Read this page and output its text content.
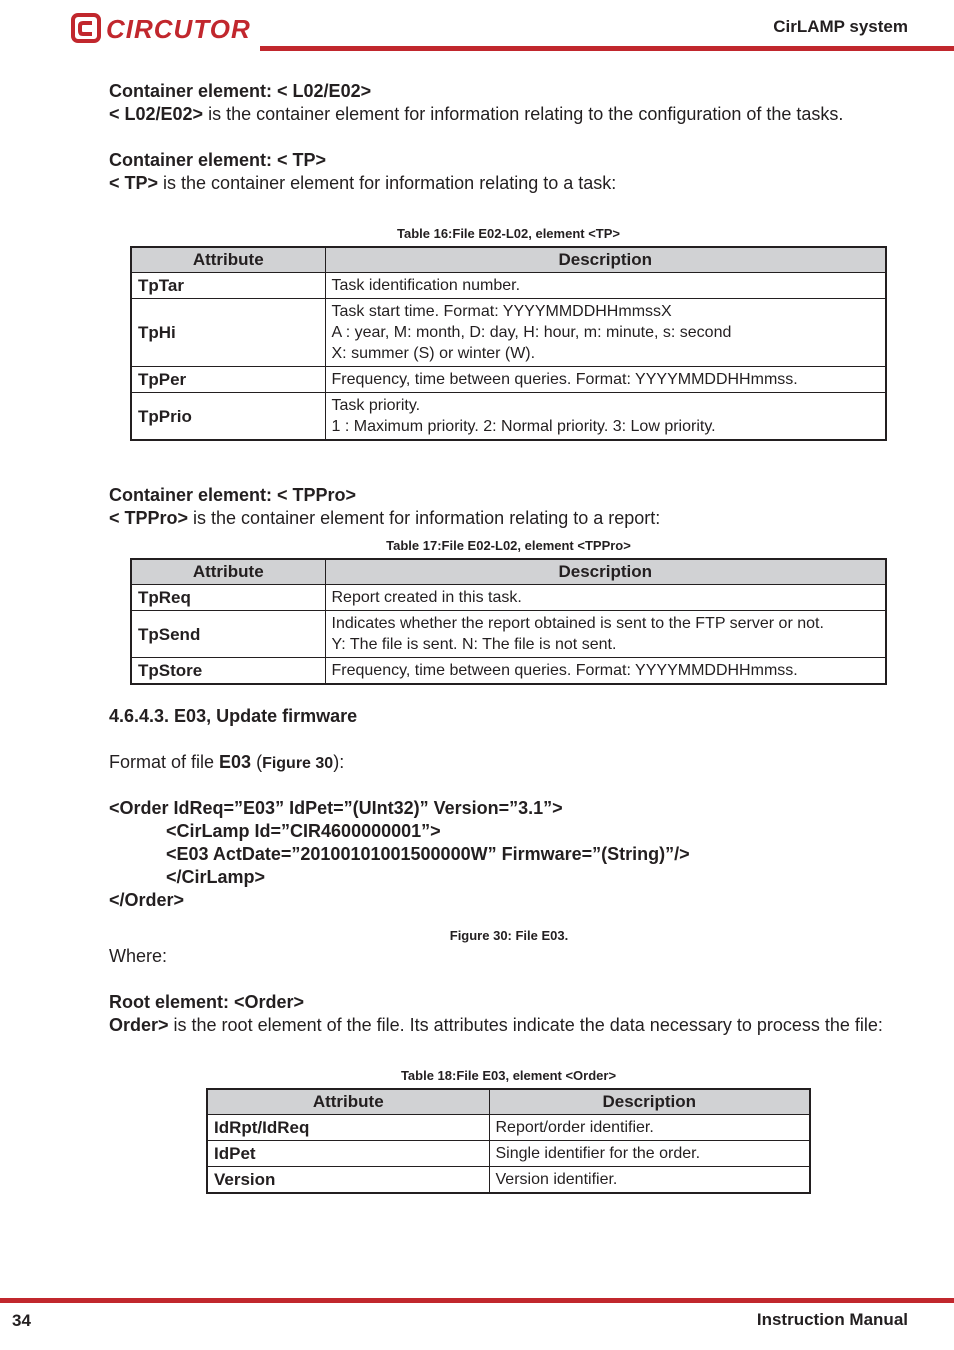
CIRCUTOR	CirLAMP system

Container element: < L02/E02>

< L02/E02> is the container element for information relating to the configuration of the tasks.

Container element: < TP>

< TP> is the container element for information relating to a task:

Table 16:File E02-L02, element <TP>
Attribute	Description
TpTar	Task identification number.
TpHi	Task start time. Format: YYYYMMDDHHmmssX
A : year, M: month, D: day, H: hour, m: minute, s: second
X: summer (S) or winter (W).

TpPer	Frequency, time between queries. Format: YYYYMMDDHHmmss.
TpPrio	Task priority.
1 : Maximum priority. 2: Normal priority. 3: Low priority.

Container element: < TPPro>

< TPPro> is the container element for information relating to a report:

Table 17:File E02-L02, element <TPPro>
Attribute	Description
TpReq	Report created in this task.
TpSend	Indicates whether the report obtained is sent to the FTP server or not.
Y: The file is sent. N: The file is not sent.

TpStore	Frequency, time between queries. Format: YYYYMMDDHHmmss.

4.6.4.3. E03, Update firmware

Format of file E03 (Figure 30):

<Order IdReq=”E03” IdPet=”(UInt32)” Version=”3.1”>

<CirLamp Id=”CIR4600000001”>

<E03 ActDate=”20100101001500000W” Firmware=”(String)”/>

</CirLamp>

</Order>

Figure 30: File E03.

Where:

Root element: <Order>

Order> is the root element of the file. Its attributes indicate the data necessary to process the file:

Table 18:File E03, element <Order>
Attribute	Description
IdRpt/IdReq	Report/order identifier.
IdPet	Single identifier for the order.
Version	Version identifier.
34	Instruction Manual
